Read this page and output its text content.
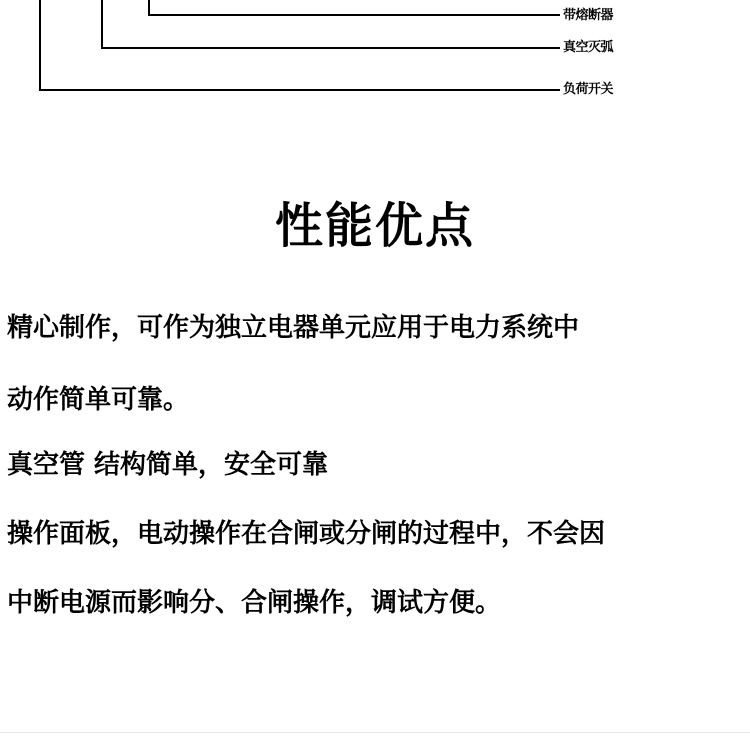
带熔断器
真空灭弧
负荷开关
性能优点

精心制作，可作为独立电器单元应用于电力系统中

动作简单可靠。

真空管 结构简单，安全可靠

操作面板，电动操作在合闸或分闸的过程中，不会因

中断电源而影响分、合闸操作，调试方便。
